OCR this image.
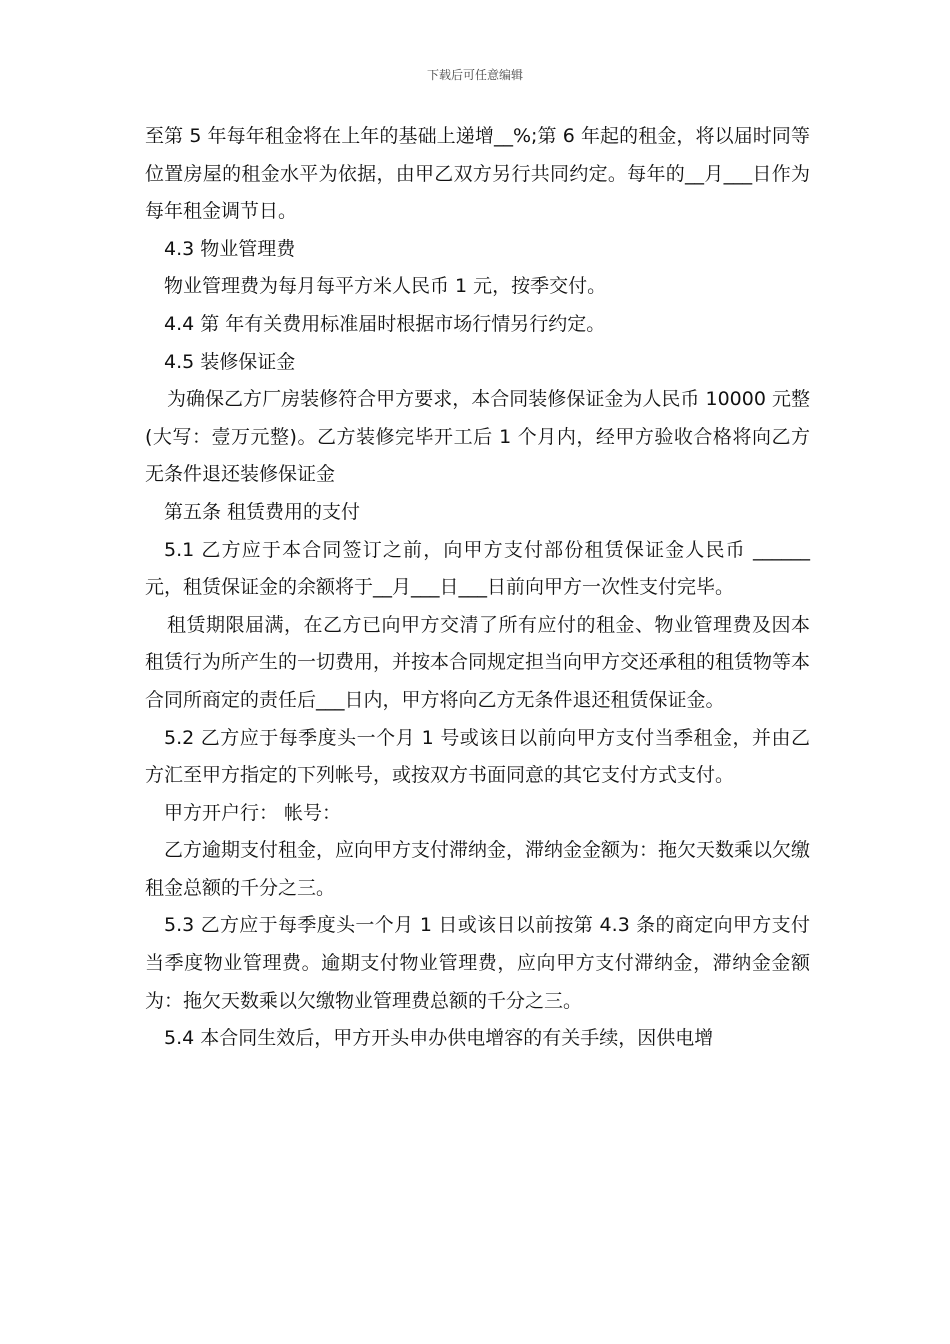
下载后可任意编辑

至第 5 年每年租金将在上年的基础上递增__%;第 6 年起的租金，将以届时同等位置房屋的租金水平为依据，由甲乙双方另行共同约定。每年的__月___日作为每年租金调节日。

4.3 物业管理费

物业管理费为每月每平方米人民币 1 元，按季交付。

4.4 第 年有关费用标准届时根据市场行情另行约定。

4.5 装修保证金

为确保乙方厂房装修符合甲方要求，本合同装修保证金为人民币 10000 元整(大写：壹万元整)。乙方装修完毕开工后 1 个月内，经甲方验收合格将向乙方无条件退还装修保证金

第五条 租赁费用的支付

5.1 乙方应于本合同签订之前，向甲方支付部份租赁保证金人民币 ______元，租赁保证金的余额将于__月___日___日前向甲方一次性支付完毕。

租赁期限届满，在乙方已向甲方交清了所有应付的租金、物业管理费及因本租赁行为所产生的一切费用，并按本合同规定担当向甲方交还承租的租赁物等本合同所商定的责任后___日内，甲方将向乙方无条件退还租赁保证金。

5.2 乙方应于每季度头一个月 1 号或该日以前向甲方支付当季租金，并由乙方汇至甲方指定的下列帐号，或按双方书面同意的其它支付方式支付。

甲方开户行： 帐号：

乙方逾期支付租金，应向甲方支付滞纳金，滞纳金金额为：拖欠天数乘以欠缴租金总额的千分之三。

5.3 乙方应于每季度头一个月 1 日或该日以前按第 4.3 条的商定向甲方支付当季度物业管理费。逾期支付物业管理费，应向甲方支付滞纳金，滞纳金金额为：拖欠天数乘以欠缴物业管理费总额的千分之三。

5.4 本合同生效后，甲方开头申办供电增容的有关手续，因供电增
